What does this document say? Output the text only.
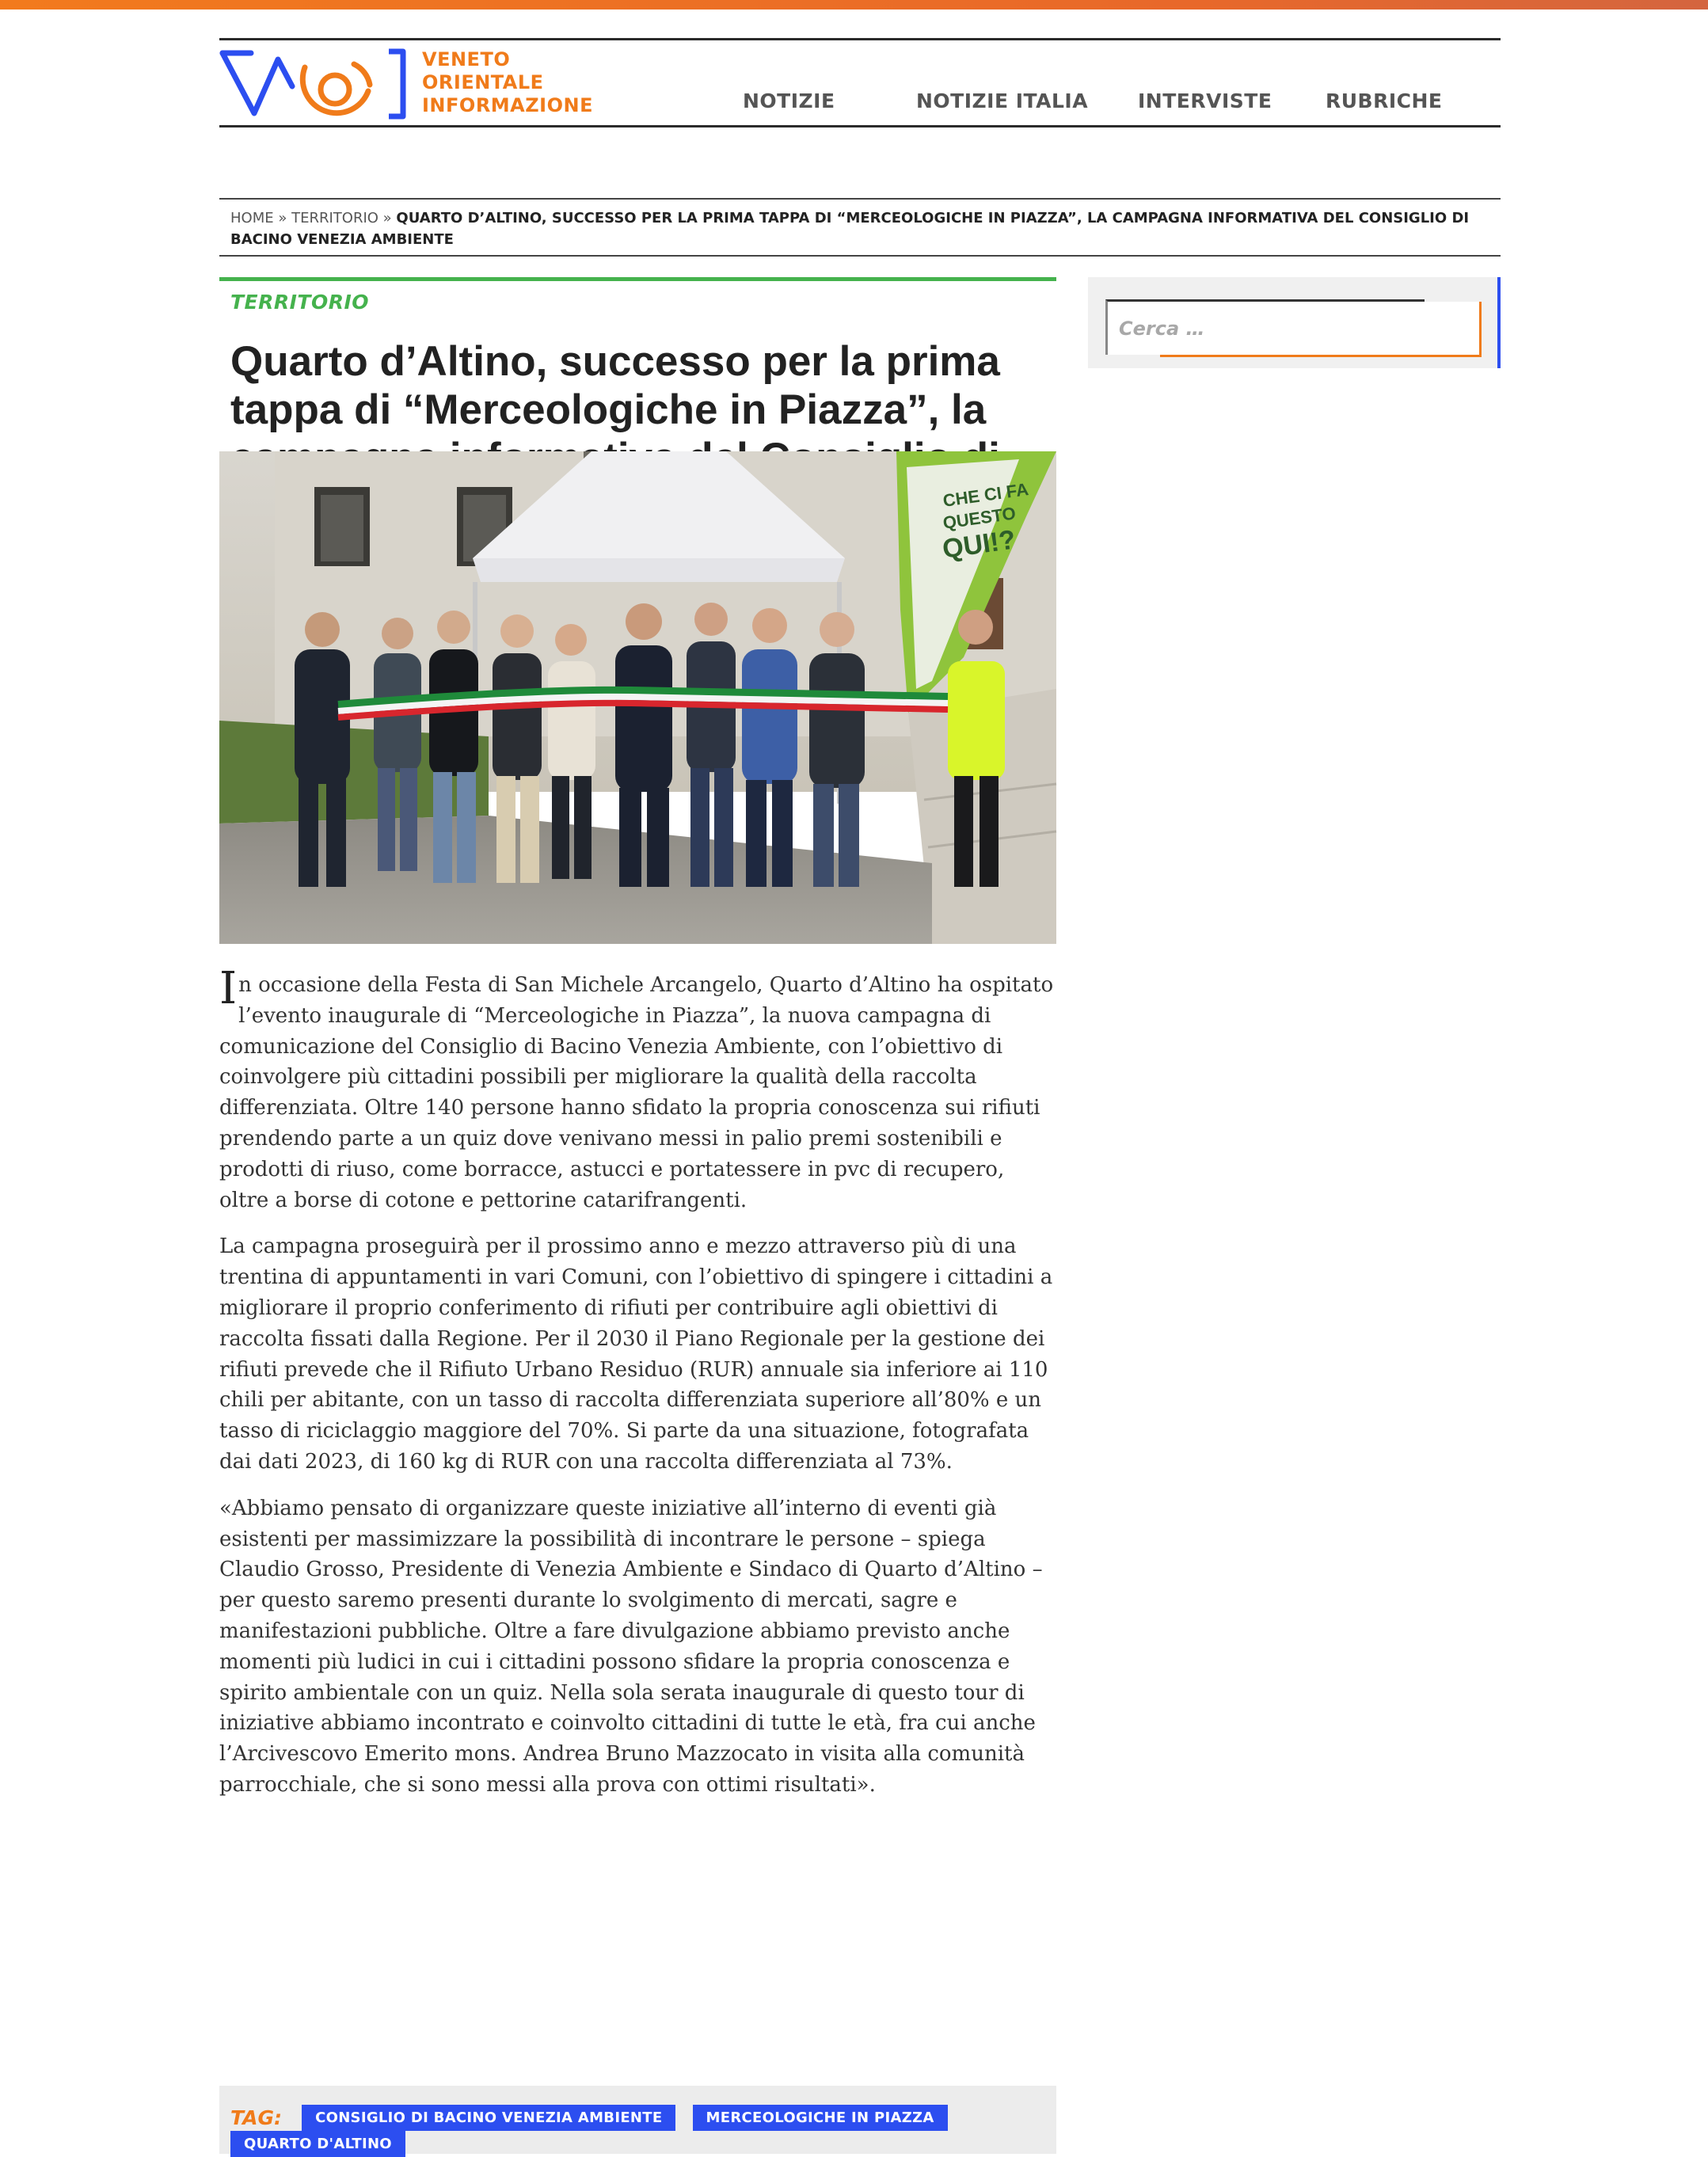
VENETO
ORIENTALE
INFORMAZIONE	NOTIZIE	NOTIZIE ITALIA	INTERVISTE	RUBRICHE
HOME » TERRITORIO » QUARTO D’ALTINO, SUCCESSO PER LA PRIMA TAPPA DI “MERCEOLOGICHE IN PIAZZA”, LA CAMPAGNA INFORMATIVA DEL CONSIGLIO DI BACINO VENEZIA AMBIENTE
TERRITORIO
Quarto d’Altino, successo per la prima tappa di “Merceologiche in Piazza”, la
CHE CI FA
QUESTO
QUI!?

In occasione della Festa di San Michele Arcangelo, Quarto d’Altino ha ospitato l’evento inaugurale di “Merceologiche in Piazza”, la nuova campagna di comunicazione del Consiglio di Bacino Venezia Ambiente, con l’obiettivo di coinvolgere più cittadini possibili per migliorare la qualità della raccolta differenziata. Oltre 140 persone hanno sfidato la propria conoscenza sui rifiuti prendendo parte a un quiz dove venivano messi in palio premi sostenibili e prodotti di riuso, come borracce, astucci e portatessere in pvc di recupero, oltre a borse di cotone e pettorine catarifrangenti.

La campagna proseguirà per il prossimo anno e mezzo attraverso più di una trentina di appuntamenti in vari Comuni, con l’obiettivo di spingere i cittadini a migliorare il proprio conferimento di rifiuti per contribuire agli obiettivi di raccolta fissati dalla Regione. Per il 2030 il Piano Regionale per la gestione dei rifiuti prevede che il Rifiuto Urbano Residuo (RUR) annuale sia inferiore ai 110 chili per abitante, con un tasso di raccolta differenziata superiore all’80% e un tasso di riciclaggio maggiore del 70%. Si parte da una situazione, fotografata dai dati 2023, di 160 kg di RUR con una raccolta differenziata al 73%.

«Abbiamo pensato di organizzare queste iniziative all’interno di eventi già esistenti per massimizzare la possibilità di incontrare le persone – spiega Claudio Grosso, Presidente di Venezia Ambiente e Sindaco di Quarto d’Altino – per questo saremo presenti durante lo svolgimento di mercati, sagre e manifestazioni pubbliche. Oltre a fare divulgazione abbiamo previsto anche momenti più ludici in cui i cittadini possono sfidare la propria conoscenza e spirito ambientale con un quiz. Nella sola serata inaugurale di questo tour di iniziative abbiamo incontrato e coinvolto cittadini di tutte le età, fra cui anche l’Arcivescovo Emerito mons. Andrea Bruno Mazzocato in visita alla comunità parrocchiale, che si sono messi alla prova con ottimi risultati».

TAG: CONSIGLIO DI BACINO VENEZIA AMBIENTE	MERCEOLOGICHE IN PIAZZA QUARTO D'ALTINO
Cerca …
